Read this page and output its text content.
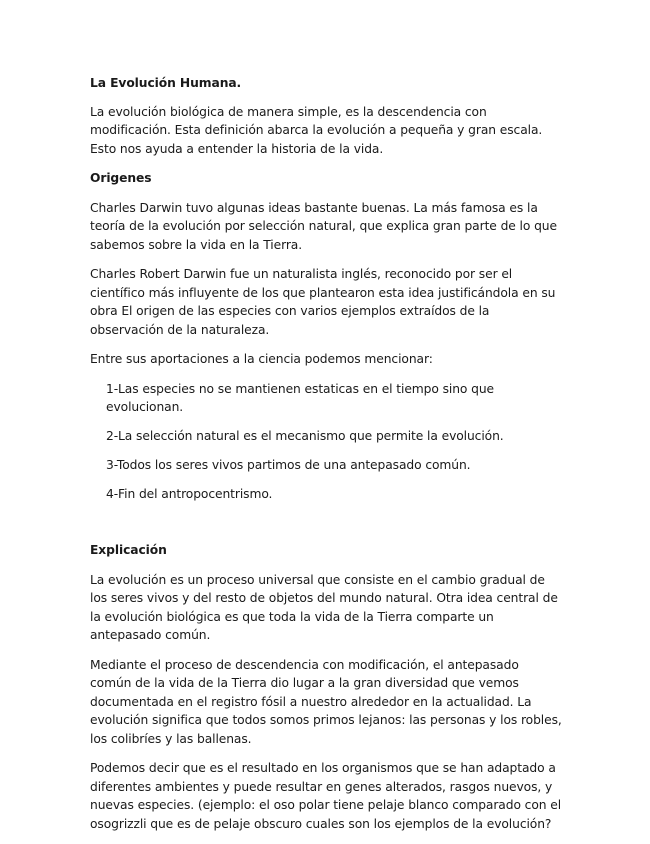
La Evolución Humana.

La evolución biológica de manera simple, es la descendencia con modificación. Esta definición abarca la evolución a pequeña y gran escala. Esto nos ayuda a entender la historia de la vida.

Origenes

Charles Darwin tuvo algunas ideas bastante buenas. La más famosa es la teoría de la evolución por selección natural, que explica gran parte de lo que sabemos sobre la vida en la Tierra.

Charles Robert Darwin fue un naturalista inglés, reconocido por ser el científico más influyente de los que plantearon esta idea justificándola en su obra El origen de las especies con varios ejemplos extraídos de la observación de la naturaleza.

Entre sus aportaciones a la ciencia podemos mencionar:

1-Las especies no se mantienen estaticas en el tiempo sino que evolucionan.
2-La selección natural es el mecanismo que permite la evolución.
3-Todos los seres vivos partimos de una antepasado común.
4-Fin del antropocentrismo.
Explicación

La evolución es un proceso universal que consiste en el cambio gradual de los seres vivos y del resto de objetos del mundo natural. Otra idea central de la evolución biológica es que toda la vida de la Tierra comparte un antepasado común.

Mediante el proceso de descendencia con modificación, el antepasado común de la vida de la Tierra dio lugar a la gran diversidad que vemos documentada en el registro fósil a nuestro alrededor en la actualidad. La evolución significa que todos somos primos lejanos: las personas y los robles, los colibríes y las ballenas.

Podemos decir que es el resultado en los organismos que se han adaptado a diferentes ambientes y puede resultar en genes alterados, rasgos nuevos, y nuevas especies. (ejemplo: el oso polar tiene pelaje blanco comparado con el osogrizzli que es de pelaje obscuro cuales son los ejemplos de la evolución?
